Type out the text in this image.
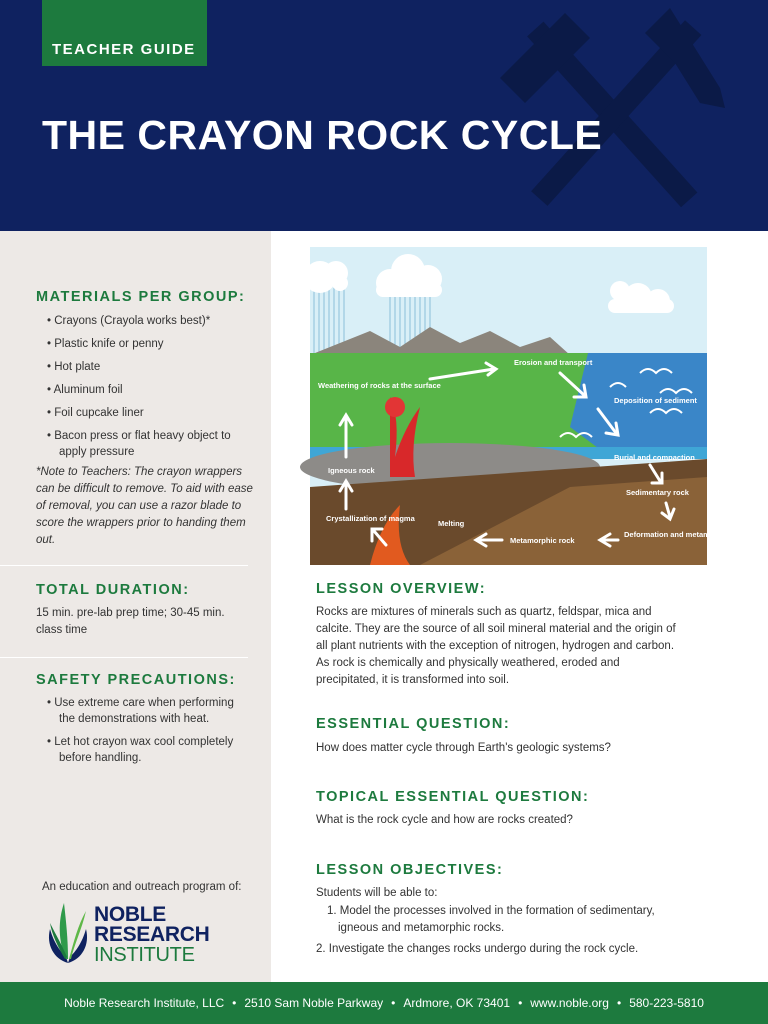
TEACHER GUIDE
THE CRAYON ROCK CYCLE
MATERIALS PER GROUP:
• Crayons (Crayola works best)*
• Plastic knife or penny
• Hot plate
• Aluminum foil
• Foil cupcake liner
• Bacon press or flat heavy object to apply pressure
*Note to Teachers: The crayon wrappers can be difficult to remove. To aid with ease of removal, you can use a razor blade to score the wrappers prior to handing them out.
TOTAL DURATION:
15 min. pre-lab prep time; 30-45 min. class time
SAFETY PRECAUTIONS:
• Use extreme care when performing the demonstrations with heat.
• Let hot crayon wax cool completely before handling.
An education and outreach program of:
NOBLE
RESEARCH
INSTITUTE
Weathering of rocks at the surface
Erosion and transport
Deposition of sediment
Burial and compaction
Sedimentary rock
Deformation and metamorphism
Metamorphic rock
Melting
Crystallization of magma
Igneous rock
LESSON OVERVIEW:
Rocks are mixtures of minerals such as quartz, feldspar, mica and calcite. They are the source of all soil mineral material and the origin of all plant nutrients with the exception of nitrogen, hydrogen and carbon. As rock is chemically and physically weathered, eroded and precipitated, it is transformed into soil.
ESSENTIAL QUESTION:
How does matter cycle through Earth's geologic systems?
TOPICAL ESSENTIAL QUESTION:
What is the rock cycle and how are rocks created?
LESSON OBJECTIVES:
Students will be able to:
1. Model the processes involved in the formation of sedimentary, igneous and metamorphic rocks.
2. Investigate the changes rocks undergo during the rock cycle.
Noble Research Institute, LLC • 2510 Sam Noble Parkway • Ardmore, OK 73401 • www.noble.org • 580-223-5810
